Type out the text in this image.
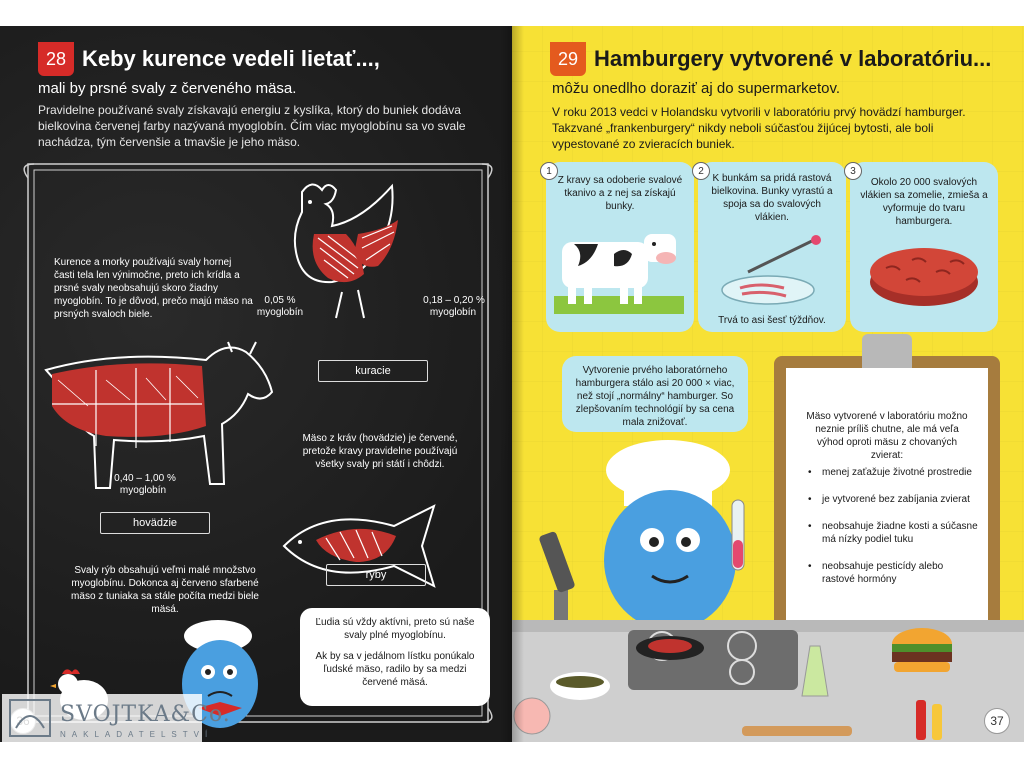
28 Keby kurence vedeli lietať...,
mali by prsné svaly z červeného mäsa.
Pravidelne používané svaly získavajú energiu z kyslíka, ktorý do buniek dodáva bielkovina červenej farby nazývaná myoglobín. Čím viac myoglobínu sa vo svale nachádza, tým červenšie a tmavšie je jeho mäso.
Kurence a morky používajú svaly hornej časti tela len výnimočne, preto ich krídla a prsné svaly neobsahujú skoro žiadny myoglobín. To je dôvod, prečo majú mäso na prsných svaloch biele.
0,05 %
myoglobín
0,18 – 0,20 %
myoglobín
kuracie
0,40 – 1,00 %
myoglobín
hovädzie
Mäso z kráv (hovädzie) je červené, pretože kravy pravidelne používajú všetky svaly pri státí i chôdzi.
ryby
Svaly rýb obsahujú veľmi malé množstvo myoglobínu. Dokonca aj červeno sfarbené mäso z tuniaka sa stále počíta medzi biele mäsá.
Ľudia sú vždy aktívni, preto sú naše svaly plné myoglobínu.
Ak by sa v jedálnom lístku ponúkalo ľudské mäso, radilo by sa medzi červené mäsá.
29 Hamburgery vytvorené v laboratóriu...
môžu onedlho doraziť aj do supermarketov.
V roku 2013 vedci v Holandsku vytvorili v laboratóriu prvý hovädzí hamburger. Takzvané „frankenburgery“ nikdy neboli súčasťou žijúcej bytosti, ale boli vypestované zo zvieracích buniek.
1
Z kravy sa odoberie svalové tkanivo a z nej sa získajú bunky.
2
K bunkám sa pridá rastová bielkovina. Bunky vyrastú a spoja sa do svalových vlákien.
Trvá to asi šesť týždňov.
3
Okolo 20 000 svalových vlákien sa zomelie, zmieša a vyformuje do tvaru hamburgera.
Vytvorenie prvého laboratórneho hamburgera stálo asi 20 000 × viac, než stojí „normálny“ hamburger. So zlepšovaním technológií by sa cena mala znižovať.
Mäso vytvorené v laboratóriu možno neznie príliš chutne, ale má veľa výhod oproti mäsu z chovaných zvierat:
• menej zaťažuje životné prostredie
• je vytvorené bez zabíjania zvierat
• neobsahuje žiadne kosti a súčasne má nízky podiel tuku
• neobsahuje pesticídy alebo rastové hormóny
37
SVOJTKA&Co.
NAKLADATELSTVÍ
